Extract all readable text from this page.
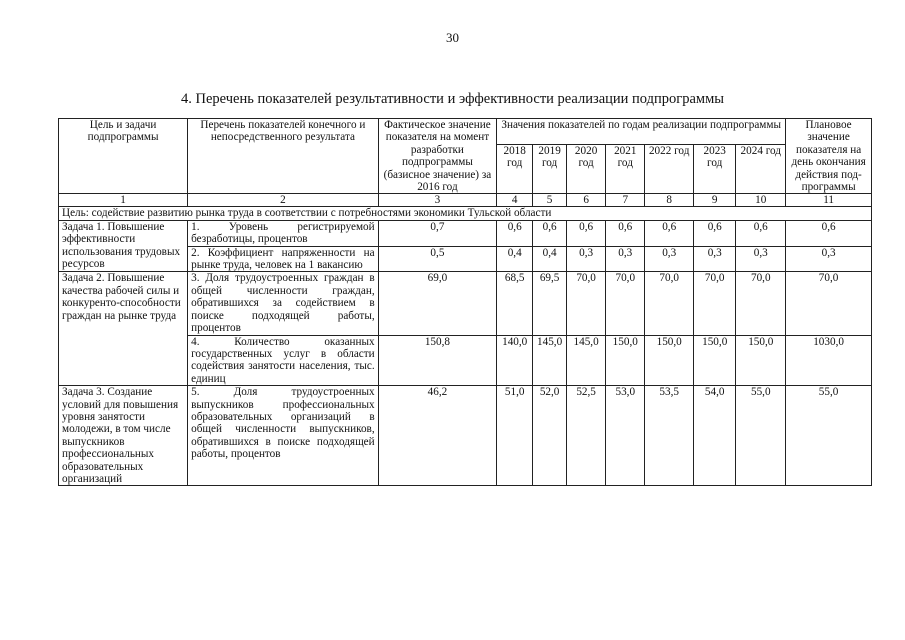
30
4. Перечень показателей результативности и эффективности реализации подпрограммы
Цель и задачи подпрограммы	Перечень показателей конечного и непосредственного результата	Фактическое значение показателя на момент разработки подпрограммы (базисное значение) за 2016 год	Значения показателей по годам реализации подпрограммы							Плановое значение показателя на день окончания действия под-программы
			2018 год	2019 год	2020 год	2021 год	2022 год	2023 год	2024 год	
1	2	3	4	5	6	7	8	9	10	11
Цель: содействие развитию рынка труда в соответствии с потребностями экономики Тульской области										
Задача 1. Повышение эффективности использования трудовых ресурсов	1. Уровень регистрируемой безработицы, процентов	0,7	0,6	0,6	0,6	0,6	0,6	0,6	0,6	0,6
	2. Коэффициент напряженности на рынке труда, человек на 1 вакансию	0,5	0,4	0,4	0,3	0,3	0,3	0,3	0,3	0,3
Задача 2. Повышение качества рабочей силы и конкуренто-способности граждан на рынке труда	3. Доля трудоустроенных граждан в общей численности граждан, обратившихся за содействием в поиске подходящей работы, процентов	69,0	68,5	69,5	70,0	70,0	70,0	70,0	70,0	70,0
	4. Количество оказанных государственных услуг в области содействия занятости населения, тыс. единиц	150,8	140,0	145,0	145,0	150,0	150,0	150,0	150,0	1030,0
Задача 3. Создание условий для повышения уровня занятости молодежи, в том числе выпускников профессиональных образовательных организаций	5. Доля трудоустроенных выпускников профессиональных образовательных организаций в общей численности выпускников, обратившихся в поиске подходящей работы, процентов	46,2	51,0	52,0	52,5	53,0	53,5	54,0	55,0	55,0
